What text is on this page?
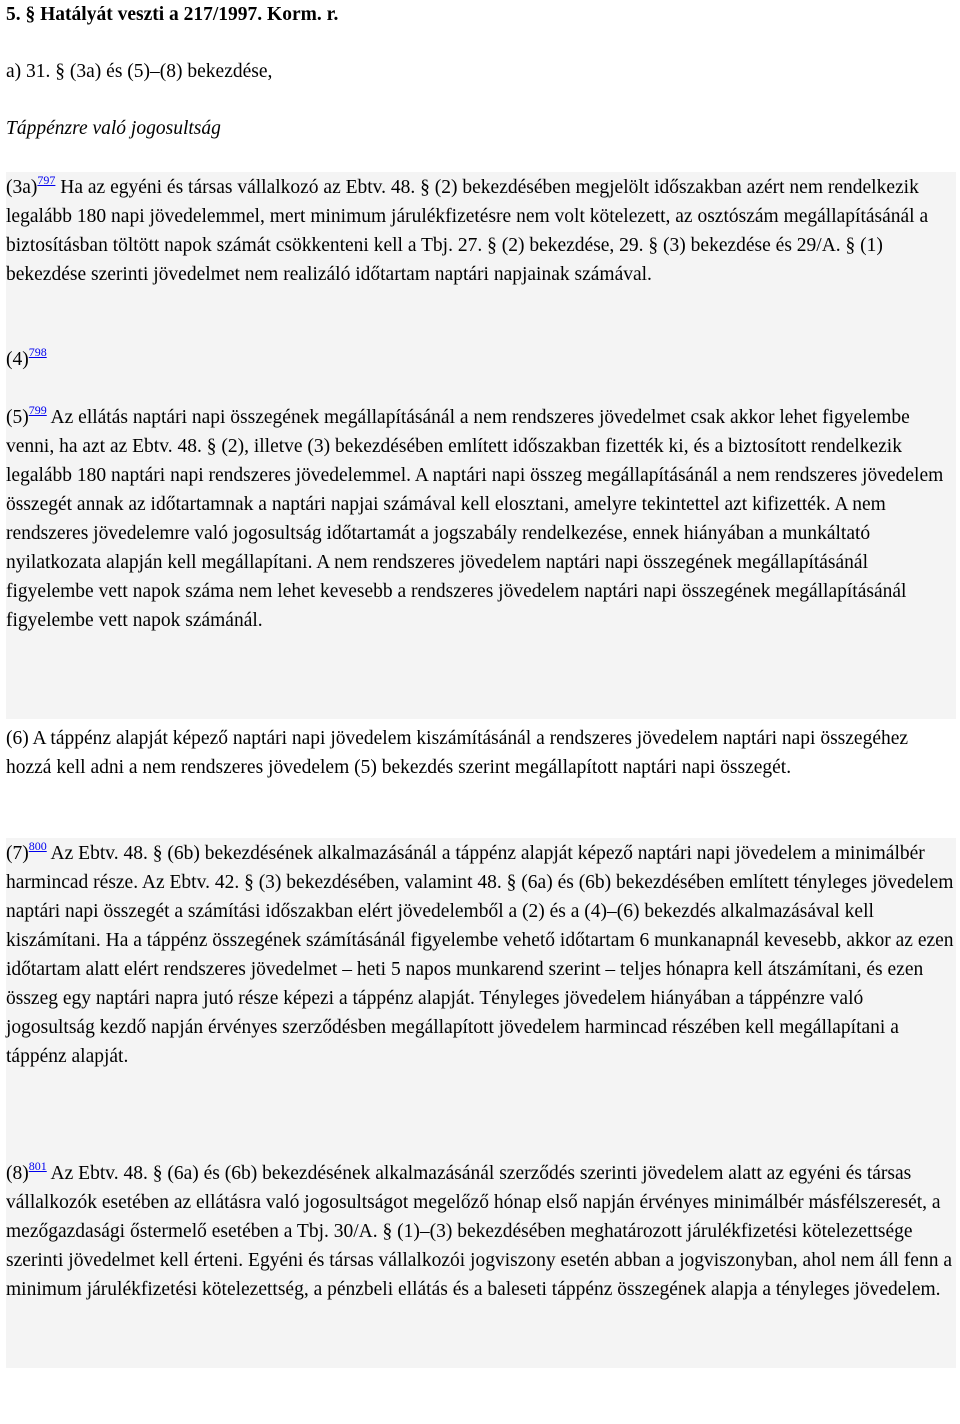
5. § Hatályát veszti a 217/1997. Korm. r.
a) 31. § (3a) és (5)–(8) bekezdése,
Táppénzre való jogosultság
(3a)$^{797}$ Ha az egyéni és társas vállalkozó az Ebtv. 48. § (2) bekezdésében megjelölt időszakban azért nem rendelkezik legalább 180 napi jövedelemmel, mert minimum járulékfizetésre nem volt kötelezett, az osztószám megállapításánál a biztosításban töltött napok számát csökkenteni kell a Tbj. 27. § (2) bekezdése, 29. § (3) bekezdése és 29/A. § (1) bekezdése szerinti jövedelmet nem realizáló időtartam naptári napjainak számával.
(4)$^{798}$
(5)$^{799}$ Az ellátás naptári napi összegének megállapításánál a nem rendszeres jövedelmet csak akkor lehet figyelembe venni, ha azt az Ebtv. 48. § (2), illetve (3) bekezdésében említett időszakban fizették ki, és a biztosított rendelkezik legalább 180 naptári napi rendszeres jövedelemmel. A naptári napi összeg megállapításánál a nem rendszeres jövedelem összegét annak az időtartamnak a naptári napjai számával kell elosztani, amelyre tekintettel azt kifizették. A nem rendszeres jövedelemre való jogosultság időtartamát a jogszabály rendelkezése, ennek hiányában a munkáltató nyilatkozata alapján kell megállapítani. A nem rendszeres jövedelem naptári napi összegének megállapításánál figyelembe vett napok száma nem lehet kevesebb a rendszeres jövedelem naptári napi összegének megállapításánál figyelembe vett napok számánál.
(6) A táppénz alapját képező naptári napi jövedelem kiszámításánál a rendszeres jövedelem naptári napi összegéhez hozzá kell adni a nem rendszeres jövedelem (5) bekezdés szerint megállapított naptári napi összegét.
(7)$^{800}$ Az Ebtv. 48. § (6b) bekezdésének alkalmazásánál a táppénz alapját képező naptári napi jövedelem a minimálbér harmincad része. Az Ebtv. 42. § (3) bekezdésében, valamint 48. § (6a) és (6b) bekezdésében említett tényleges jövedelem naptári napi összegét a számítási időszakban elért jövedelemből a (2) és a (4)–(6) bekezdés alkalmazásával kell kiszámítani. Ha a táppénz összegének számításánál figyelembe vehető időtartam 6 munkanapnál kevesebb, akkor az ezen időtartam alatt elért rendszeres jövedelmet – heti 5 napos munkarend szerint – teljes hónapra kell átszámítani, és ezen összeg egy naptári napra jutó része képezi a táppénz alapját. Tényleges jövedelem hiányában a táppénzre való jogosultság kezdő napján érvényes szerződésben megállapított jövedelem harmincad részében kell megállapítani a táppénz alapját.
(8)$^{801}$ Az Ebtv. 48. § (6a) és (6b) bekezdésének alkalmazásánál szerződés szerinti jövedelem alatt az egyéni és társas vállalkozók esetében az ellátásra való jogosultságot megelőző hónap első napján érvényes minimálbér másfélszeresét, a mezőgazdasági őstermelő esetében a Tbj. 30/A. § (1)–(3) bekezdésében meghatározott járulékfizetési kötelezettsége szerinti jövedelmet kell érteni. Egyéni és társas vállalkozói jogviszony esetén abban a jogviszonyban, ahol nem áll fenn a minimum járulékfizetési kötelezettség, a pénzbeli ellátás és a baleseti táppénz összegének alapja a tényleges jövedelem.
